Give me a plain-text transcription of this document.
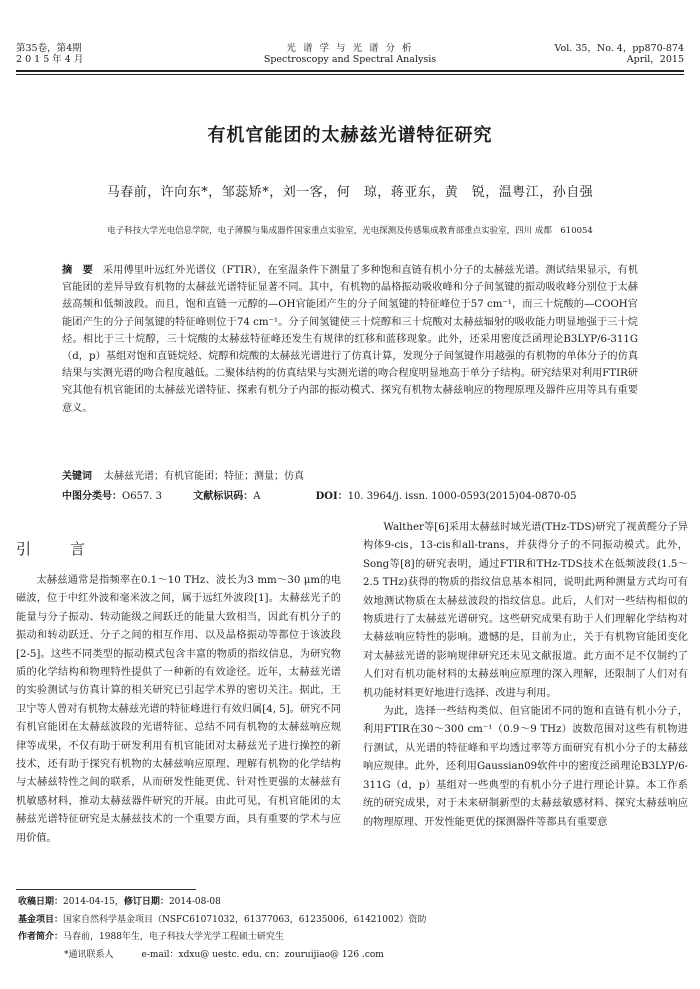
第35卷，第4期
2 0 1 5 年 4 月
光 谱 学 与 光 谱 分 析
Spectroscopy and Spectral Analysis
Vol. 35，No. 4，pp870-874
April，2015
有机官能团的太赫兹光谱特征研究
马春前，许向东*，邹蕊矫*，刘一客，何　琼，蒋亚东，黄　锐，温粤江，孙自强
电子科技大学光电信息学院，电子薄膜与集成器件国家重点实验室，光电探测及传感集成教育部重点实验室，四川 成都　610054
摘　要 采用傅里叶远红外光谱仪（FTIR），在室温条件下测量了多种饱和直链有机小分子的太赫兹光谱。测试结果显示，有机官能团的差异导致有机物的太赫兹光谱特征显著不同。其中，有机物的晶格振动吸收峰和分子间氢键的振动吸收峰分别位于太赫兹高频和低频波段。而且，饱和直链一元醇的—OH官能团产生的分子间氢键的特征峰位于57 cm⁻¹，而三十烷酸的—COOH官能团产生的分子间氢键的特征峰则位于74 cm⁻¹。分子间氢键使三十烷醇和三十烷酸对太赫兹辐射的吸收能力明显地强于三十烷烃。相比于三十烷醇，三十烷酸的太赫兹特征峰还发生有规律的红移和蓝移现象。此外，还采用密度泛函理论B3LYP/6-311G（d，p）基组对饱和直链烷烃、烷醇和烷酸的太赫兹光谱进行了仿真计算，发现分子间氢键作用越强的有机物的单体分子的仿真结果与实测光谱的吻合程度越低。二聚体结构的仿真结果与实测光谱的吻合程度明显地高于单分子结构。研究结果对利用FTIR研究其他有机官能团的太赫兹光谱特征、探索有机分子内部的振动模式、探究有机物太赫兹响应的物理原理及器件应用等具有重要意义。
关键词 太赫兹光谱；有机官能团；特征；测量；仿真
中图分类号：O657. 3	文献标识码：A	DOI：10. 3964/j. issn. 1000-0593(2015)04-0870-05
引　言

太赫兹通常是指频率在0.1～10 THz、波长为3 mm～30 μm的电磁波，位于中红外波和毫米波之间，属于远红外波段[1]。太赫兹光子的能量与分子振动、转动能级之间跃迁的能量大致相当，因此有机分子的振动和转动跃迁、分子之间的相互作用、以及晶格振动等都位于该波段[2-5]。这些不同类型的振动模式包含丰富的物质的指纹信息，为研究物质的化学结构和物理特性提供了一种新的有效途径。近年，太赫兹光谱的实验测试与仿真计算的相关研究已引起学术界的密切关注。据此，王卫宁等人曾对有机物太赫兹光谱的特征峰进行有效归属[4, 5]。研究不同有机官能团在太赫兹波段的光谱特征、总结不同有机物的太赫兹响应规律等成果，不仅有助于研发利用有机官能团对太赫兹光子进行操控的新技术，还有助于探究有机物的太赫兹响应原理、理解有机物的化学结构与太赫兹特性之间的联系，从而研发性能更优、针对性更强的太赫兹有机敏感材料，推动太赫兹器件研究的开展。由此可见，有机官能团的太赫兹光谱特征研究是太赫兹技术的一个重要方面，具有重要的学术与应用价值。

Walther等[6]采用太赫兹时域光谱(THz-TDS)研究了视黄醛分子异构体9-cis，13-cis和all-trans，并获得分子的不同振动模式。此外，Song等[8]的研究表明，通过FTIR和THz-TDS技术在低频波段(1.5～2.5 THz)获得的物质的指纹信息基本相同，说明此两种测量方式均可有效地测试物质在太赫兹波段的指纹信息。此后，人们对一些结构相似的物质进行了太赫兹光谱研究。这些研究成果有助于人们理解化学结构对太赫兹响应特性的影响。遗憾的是，目前为止，关于有机物官能团变化对太赫兹光谱的影响规律研究还未见文献报道。此方面不足不仅制约了人们对有机功能材料的太赫兹响应原理的深入理解，还限制了人们对有机功能材料更好地进行选择、改进与利用。

为此，选择一些结构类似、但官能团不同的饱和直链有机小分子，利用FTIR在30～300 cm⁻¹（0.9～9 THz）波数范围对这些有机物进行测试，从光谱的特征峰和平均透过率等方面研究有机小分子的太赫兹响应规律。此外，还利用Gaussian09软件中的密度泛函理论B3LYP/6-311G（d，p）基组对一些典型的有机小分子进行理论计算。本工作系统的研究成果，对于未来研制新型的太赫兹敏感材料、探究太赫兹响应的物理原理、开发性能更优的探测器件等都具有重要意

收稿日期：2014-04-15，修订日期：2014-08-08
基金项目：国家自然科学基金项目（NSFC61071032，61377063，61235006，61421002）资助
作者简介：马春前，1988年生，电子科技大学光学工程硕士研究生
*通讯联系人	e-mail：xdxu@ uestc. edu. cn；zouruijiao@ 126 .com
